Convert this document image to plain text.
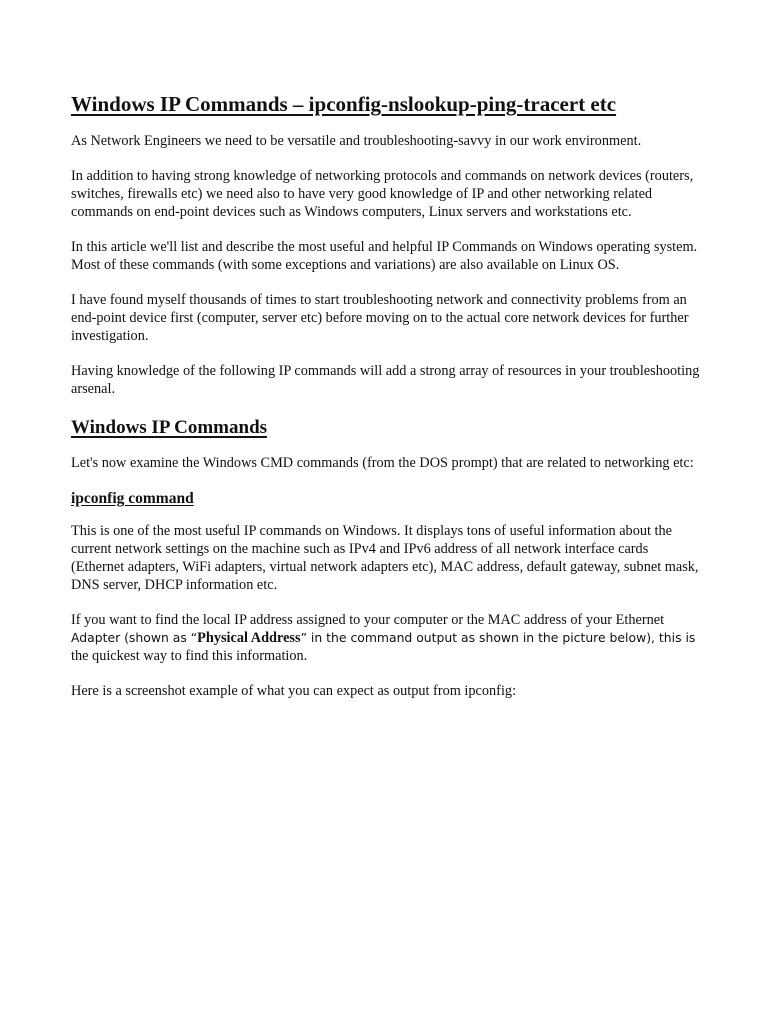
Windows IP Commands – ipconfig-nslookup-ping-tracert etc

As Network Engineers we need to be versatile and troubleshooting-savvy in our work environment.

In addition to having strong knowledge of networking protocols and commands on network devices (routers, switches, firewalls etc) we need also to have very good knowledge of IP and other networking related commands on end-point devices such as Windows computers, Linux servers and workstations etc.

In this article we'll list and describe the most useful and helpful IP Commands on Windows operating system. Most of these commands (with some exceptions and variations) are also available on Linux OS.

I have found myself thousands of times to start troubleshooting network and connectivity problems from an end-point device first (computer, server etc) before moving on to the actual core network devices for further investigation.

Having knowledge of the following IP commands will add a strong array of resources in your troubleshooting arsenal.

Windows IP Commands

Let's now examine the Windows CMD commands (from the DOS prompt) that are related to networking etc:

ipconfig command

This is one of the most useful IP commands on Windows. It displays tons of useful information about the current network settings on the machine such as IPv4 and IPv6 address of all network interface cards (Ethernet adapters, WiFi adapters, virtual network adapters etc), MAC address, default gateway, subnet mask, DNS server, DHCP information etc.

If you want to find the local IP address assigned to your computer or the MAC address of your Ethernet
Adapter (shown as “Physical Address” in the command output as shown in the picture below), this is
the quickest way to find this information.

Here is a screenshot example of what you can expect as output from ipconfig:
